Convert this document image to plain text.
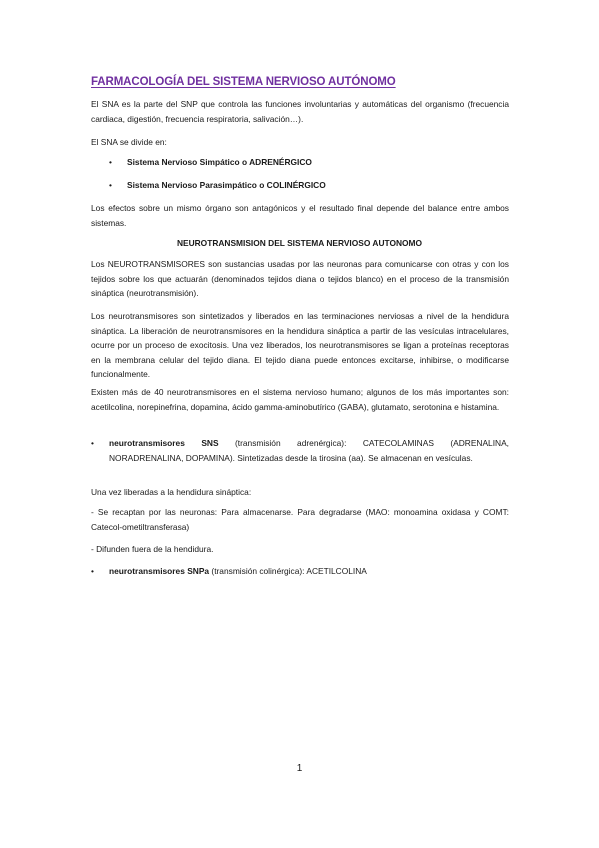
FARMACOLOGÍA DEL SISTEMA NERVIOSO AUTÓNOMO

El SNA es la parte del SNP que controla las funciones involuntarias y automáticas del organismo (frecuencia cardiaca, digestión, frecuencia respiratoria, salivación…).

El SNA se divide en:

• Sistema Nervioso Simpático o ADRENÉRGICO
• Sistema Nervioso Parasimpático o COLINÉRGICO

Los efectos sobre un mismo órgano son antagónicos y el resultado final depende del balance entre ambos sistemas.

NEUROTRANSMISION DEL SISTEMA NERVIOSO AUTONOMO

Los NEUROTRANSMISORES son sustancias usadas por las neuronas para comunicarse con otras y con los tejidos sobre los que actuarán (denominados tejidos diana o tejidos blanco) en el proceso de la transmisión sináptica (neurotransmisión).

Los neurotransmisores son sintetizados y liberados en las terminaciones nerviosas a nivel de la hendidura sináptica. La liberación de neurotransmisores en la hendidura sináptica a partir de las vesículas intracelulares, ocurre por un proceso de exocitosis. Una vez liberados, los neurotransmisores se ligan a proteínas receptoras en la membrana celular del tejido diana. El tejido diana puede entonces excitarse, inhibirse, o modificarse funcionalmente.

Existen más de 40 neurotransmisores en el sistema nervioso humano; algunos de los más importantes son: acetilcolina, norepinefrina, dopamina, ácido gamma-aminobutírico (GABA), glutamato, serotonina e histamina.

• neurotransmisores SNS (transmisión adrenérgica): CATECOLAMINAS (ADRENALINA, NORADRENALINA, DOPAMINA). Sintetizadas desde la tirosina (aa). Se almacenan en vesículas.

Una vez liberadas a la hendidura sináptica:

- Se recaptan por las neuronas: Para almacenarse. Para degradarse (MAO: monoamina oxidasa y COMT: Catecol-ometiltransferasa)

- Difunden fuera de la hendidura.

• neurotransmisores SNPa (transmisión colinérgica): ACETILCOLINA

1
